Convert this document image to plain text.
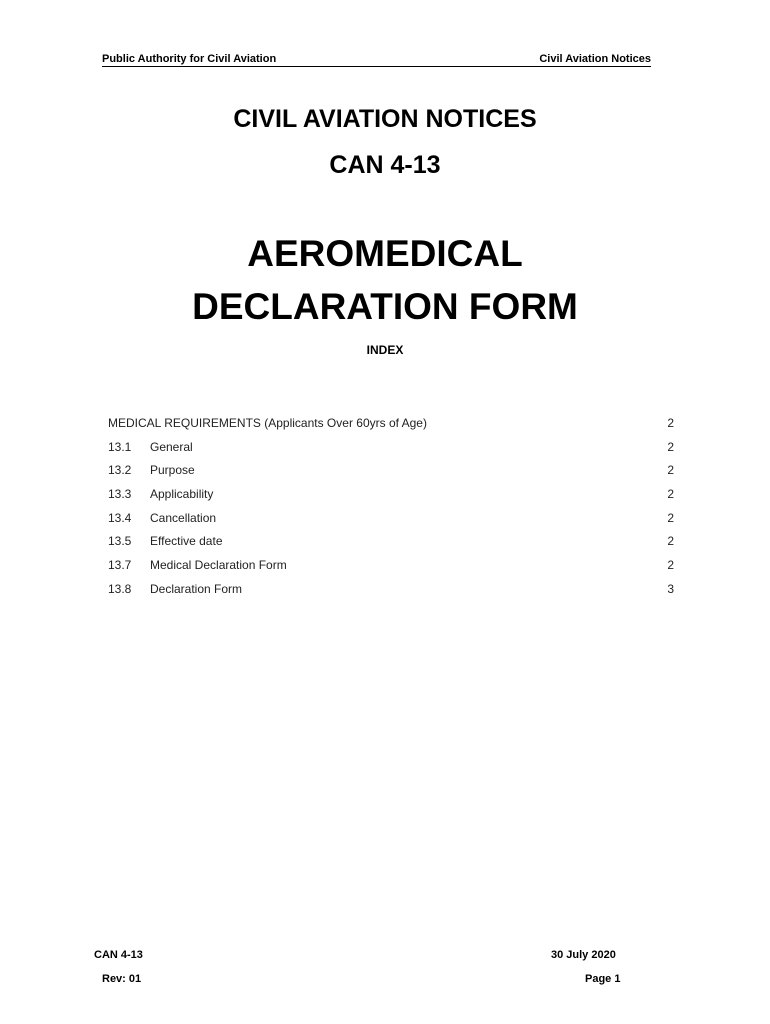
Public Authority for Civil Aviation	Civil Aviation Notices
CIVIL AVIATION NOTICES
CAN 4-13
AEROMEDICAL
DECLARATION FORM
INDEX
MEDICAL REQUIREMENTS (Applicants Over 60yrs of Age)	2
13.1 General	2
13.2 Purpose	2
13.3 Applicability	2
13.4 Cancellation	2
13.5 Effective date	2
13.7 Medical Declaration Form	2
13.8 Declaration Form	3
CAN 4-13
Rev: 01
30 July 2020
Page 1
